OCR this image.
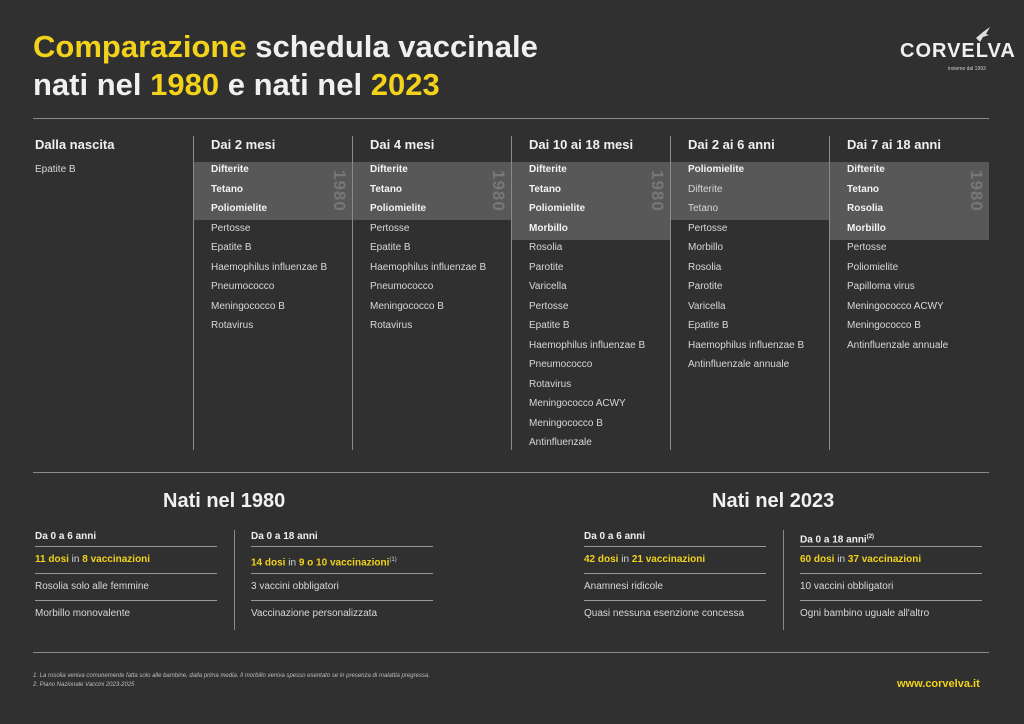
Comparazione schedula vaccinale
nati nel 1980 e nati nel 2023
CORVELVA
insieme dal 1993
1980	1980	1980	1980
Dalla nascita
Epatite B
Dai 2 mesi
Difterite
Tetano
Poliomielite
Pertosse
Epatite B
Haemophilus influenzae B
Pneumococco
Meningococco B
Rotavirus
Dai 4 mesi
Difterite
Tetano
Poliomielite
Pertosse
Epatite B
Haemophilus influenzae B
Pneumococco
Meningococco B
Rotavirus
Dai 10 ai 18 mesi
Difterite
Tetano
Poliomielite
Morbillo
Rosolia
Parotite
Varicella
Pertosse
Epatite B
Haemophilus influenzae B
Pneumococco
Rotavirus
Meningococco ACWY
Meningococco B
Antinfluenzale
Dai 2 ai 6 anni
Poliomielite
Difterite
Tetano
Pertosse
Morbillo
Rosolia
Parotite
Varicella
Epatite B
Haemophilus influenzae B
Antinfluenzale annuale
Dai 7 ai 18 anni
Difterite
Tetano
Rosolia
Morbillo
Pertosse
Poliomielite
Papilloma virus
Meningococco ACWY
Meningococco B
Antinfluenzale annuale
Nati nel 1980
Da 0 a 6 anni
11 dosi in 8 vaccinazioni
Rosolia solo alle femmine
Morbillo monovalente
Da 0 a 18 anni
14 dosi in 9 o 10 vaccinazioni$^{(1)}$
3 vaccini obbligatori
Vaccinazione personalizzata
Nati nel 2023
Da 0 a 6 anni
42 dosi in 21 vaccinazioni
Anamnesi ridicole
Quasi nessuna esenzione concessa
Da 0 a 18 anni$^{(2)}$
60 dosi in 37 vaccinazioni
10 vaccini obbligatori
Ogni bambino uguale all'altro
1. La rosolia veniva comunemente fatta solo alle bambine, dalla prima media. Il morbillo veniva spesso esentato se in presenza di malattia pregressa.
2. Piano Nazionale Vaccini 2023-2025	www.corvelva.it
